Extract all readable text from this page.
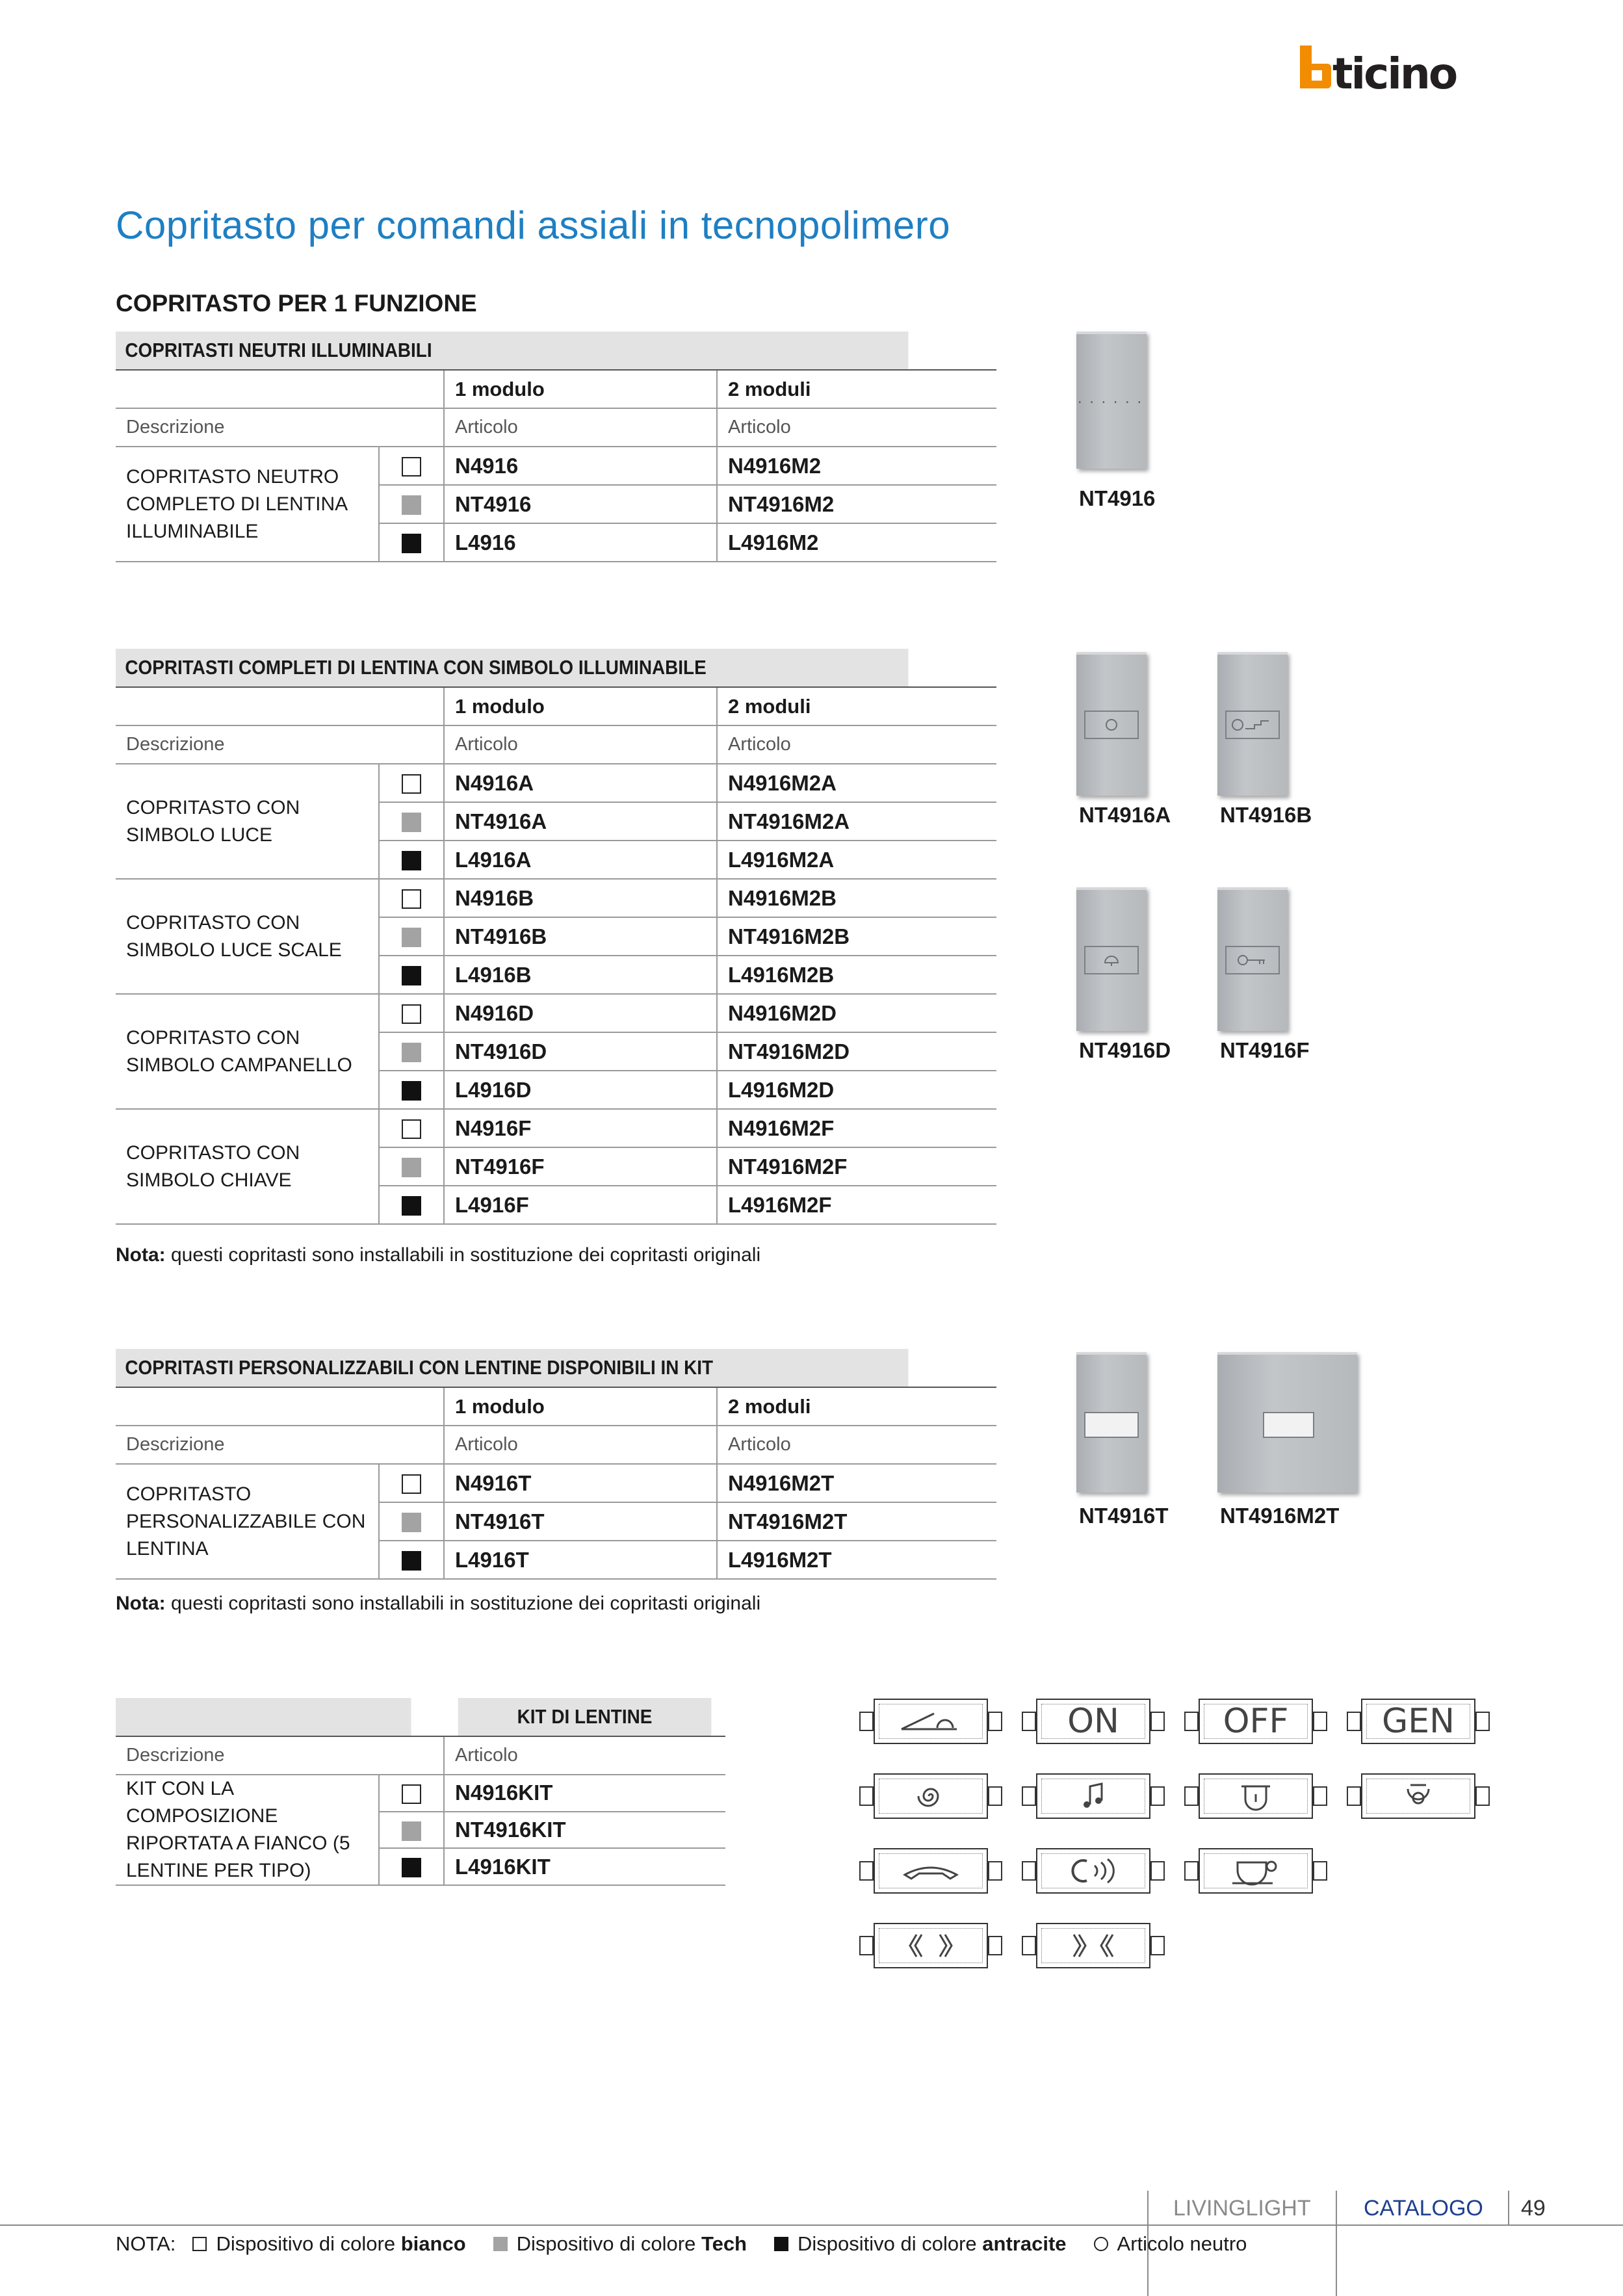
ticino
Copritasto per comandi assiali in tecnopolimero
COPRITASTO PER 1 FUNZIONE
COPRITASTI NEUTRI ILLUMINABILI			
		1 modulo	2 moduli
Descrizione		Articolo	Articolo
COPRITASTO NEUTRO COMPLETO DI LENTINA ILLUMINABILE		N4916	N4916M2
		NT4916	NT4916M2
		L4916	L4916M2
• • • • • •
NT4916
COPRITASTI COMPLETI DI LENTINA CON SIMBOLO ILLUMINABILE			
		1 modulo	2 moduli
Descrizione		Articolo	Articolo
COPRITASTO CON SIMBOLO LUCE		N4916A	N4916M2A
		NT4916A	NT4916M2A
		L4916A	L4916M2A
COPRITASTO CON SIMBOLO LUCE SCALE		N4916B	N4916M2B
		NT4916B	NT4916M2B
		L4916B	L4916M2B
COPRITASTO CON SIMBOLO CAMPANELLO		N4916D	N4916M2D
		NT4916D	NT4916M2D
		L4916D	L4916M2D
COPRITASTO CON SIMBOLO CHIAVE		N4916F	N4916M2F
		NT4916F	NT4916M2F
		L4916F	L4916M2F
Nota: questi copritasti sono installabili in sostituzione dei copritasti originali
NT4916A NT4916B
NT4916D NT4916F
COPRITASTI PERSONALIZZABILI CON LENTINE DISPONIBILI IN KIT			
		1 modulo	2 moduli
Descrizione		Articolo	Articolo
COPRITASTO PERSONALIZZABILE CON LENTINA		N4916T	N4916M2T
		NT4916T	NT4916M2T
		L4916T	L4916M2T
Nota: questi copritasti sono installabili in sostituzione dei copritasti originali
NT4916T NT4916M2T
		KIT DI LENTINE
Descrizione		Articolo
KIT CON LA COMPOSIZIONE RIPORTATA A FIANCO (5 LENTINE PER TIPO)		N4916KIT
		NT4916KIT
		L4916KIT
ON	OFF	GEN
LIVINGLIGHT CATALOGO 49
NOTA: Dispositivo di colore bianco	Dispositivo di colore Tech	Dispositivo di colore antracite	Articolo neutro
